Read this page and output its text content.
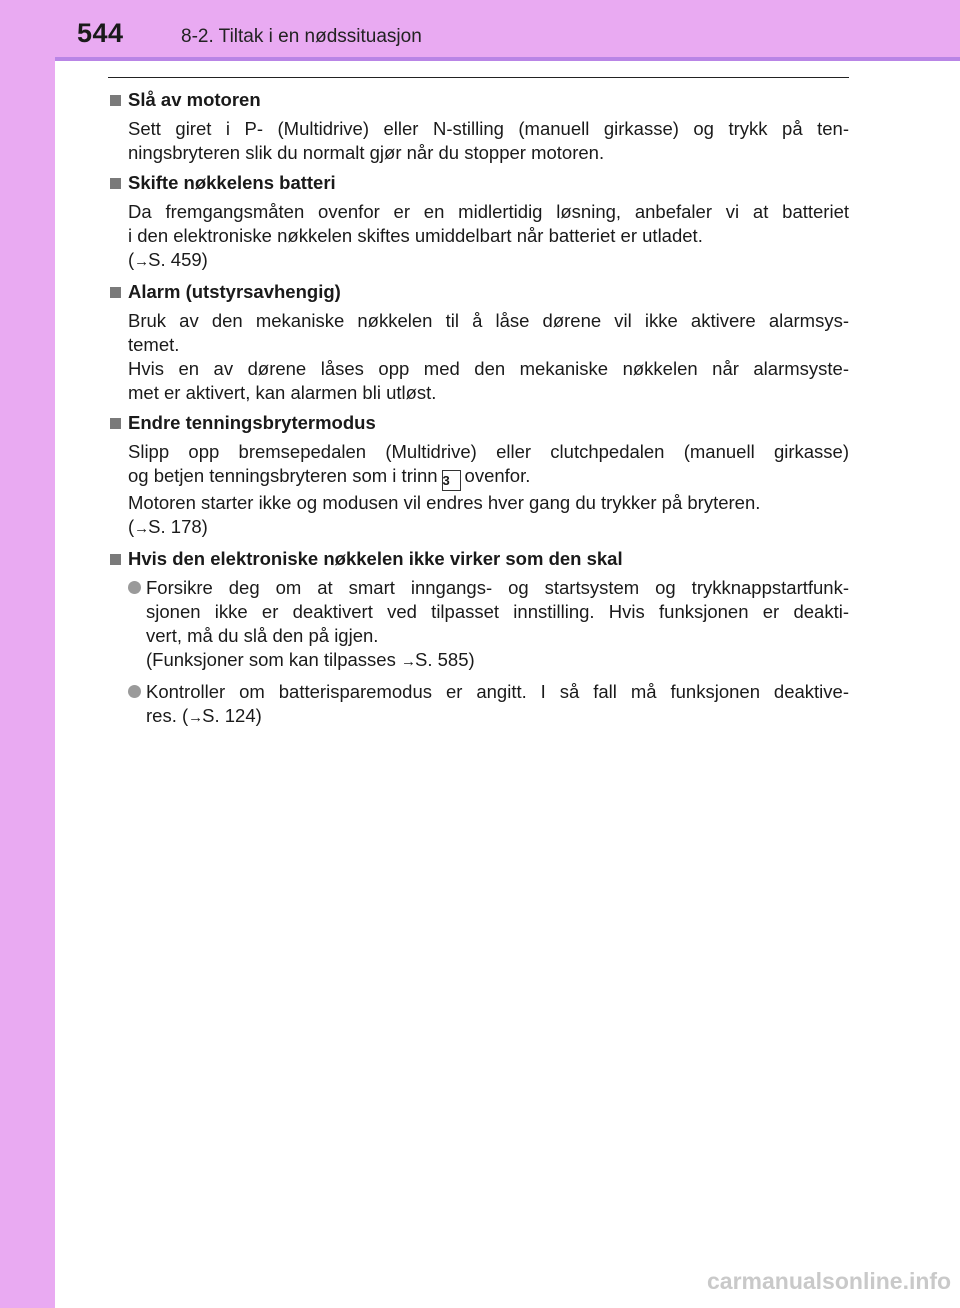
544	8-2. Tiltak i en nødssituasjon
Slå av motoren
Sett giret i P- (Multidrive) eller N-stilling (manuell girkasse) og trykk på ten-
ningsbryteren slik du normalt gjør når du stopper motoren.
Skifte nøkkelens batteri
Da fremgangsmåten ovenfor er en midlertidig løsning, anbefaler vi at batteriet
i den elektroniske nøkkelen skiftes umiddelbart når batteriet er utladet.
(→S. 459)
Alarm (utstyrsavhengig)
Bruk av den mekaniske nøkkelen til å låse dørene vil ikke aktivere alarmsys-
temet.
Hvis en av dørene låses opp med den mekaniske nøkkelen når alarmsyste-
met er aktivert, kan alarmen bli utløst.
Endre tenningsbrytermodus
Slipp opp bremsepedalen (Multidrive) eller clutchpedalen (manuell girkasse)
og betjen tenningsbryteren som i trinn 3 ovenfor.
Motoren starter ikke og modusen vil endres hver gang du trykker på bryteren.
(→S. 178)
Hvis den elektroniske nøkkelen ikke virker som den skal
Forsikre deg om at smart inngangs- og startsystem og trykknappstartfunk-
sjonen ikke er deaktivert ved tilpasset innstilling. Hvis funksjonen er deakti-
vert, må du slå den på igjen.
(Funksjoner som kan tilpasses →S. 585)
Kontroller om batterisparemodus er angitt. I så fall må funksjonen deaktive-
res. (→S. 124)
carmanualsonline.info
